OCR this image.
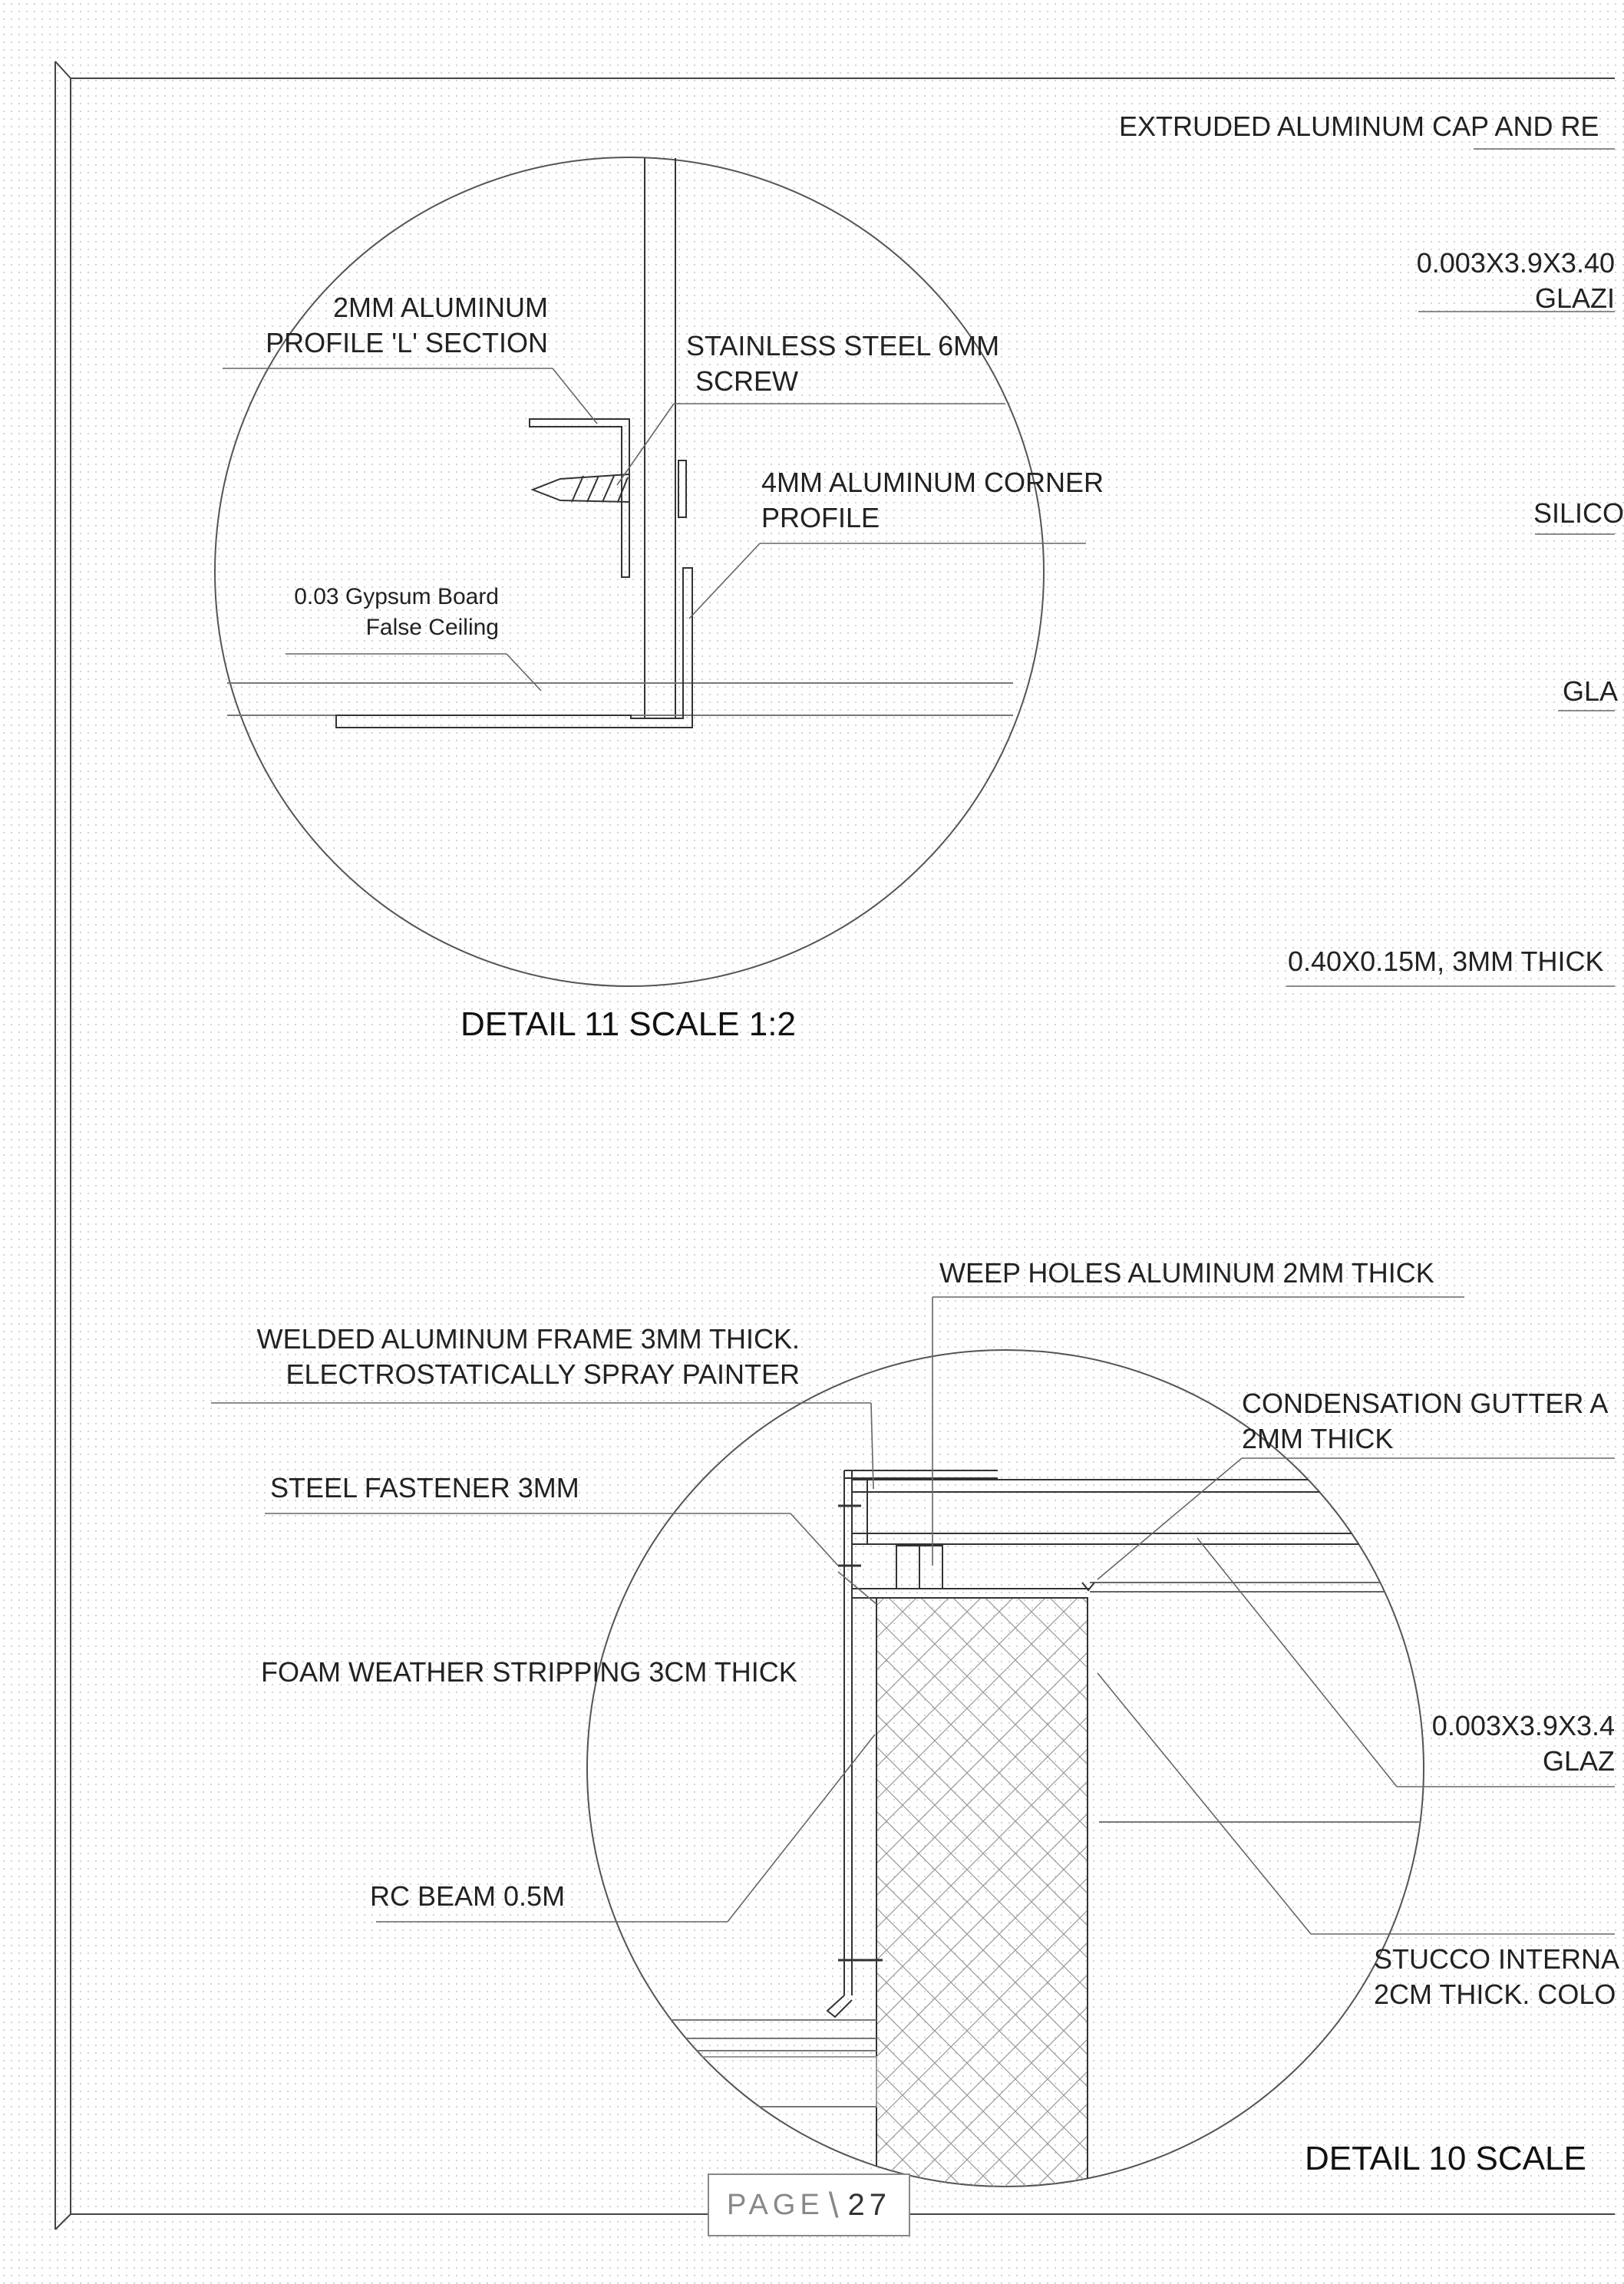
2MM ALUMINUM
PROFILE 'L' SECTION	STAINLESS STEEL 6MM
SCREW
4MM ALUMINUM CORNER
PROFILE
0.03 Gypsum Board
False Ceiling
DETAIL 11 SCALE 1:2
WEEP HOLES ALUMINUM 2MM THICK
WELDED ALUMINUM FRAME 3MM THICK.
ELECTROSTATICALLY SPRAY PAINTER
CONDENSATION GUTTER A
2MM THICK
STEEL FASTENER 3MM
FOAM WEATHER STRIPPING 3CM THICK
0.003X3.9X3.4
GLAZ
RC BEAM 0.5M
STUCCO INTERNA
2CM THICK. COLO
DETAIL 10 SCALE
EXTRUDED ALUMINUM CAP AND RE
0.003X3.9X3.40
GLAZI
SILICO
GLA
0.40X0.15M, 3MM THICK
PAGE \ 27
